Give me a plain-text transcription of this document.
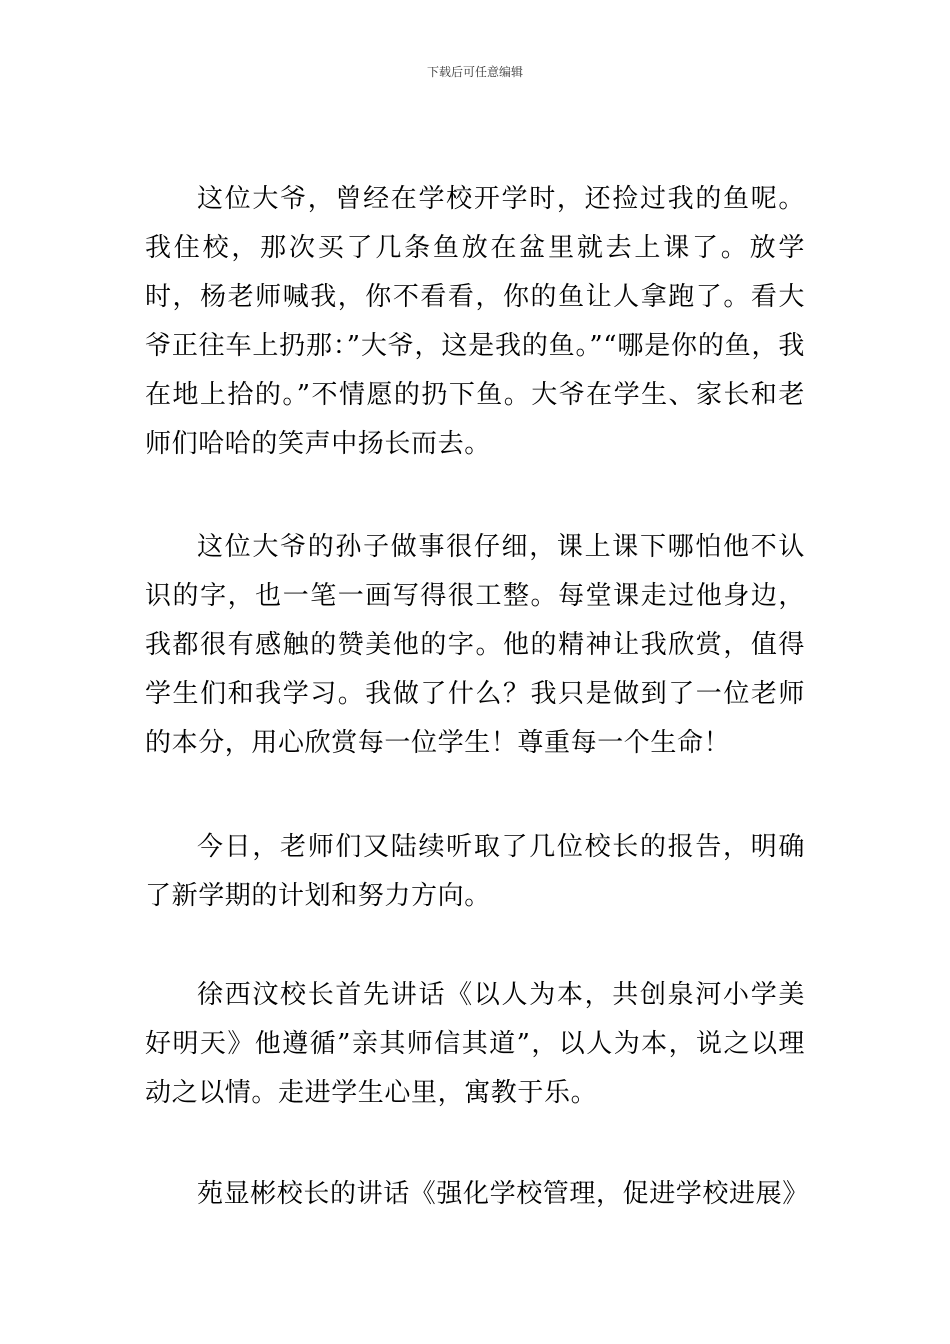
下载后可任意编辑

这位大爷，曾经在学校开学时，还捡过我的鱼呢。我住校，那次买了几条鱼放在盆里就去上课了。放学时，杨老师喊我，你不看看，你的鱼让人拿跑了。看大爷正往车上扔那：”大爷，这是我的鱼。”“哪是你的鱼，我在地上拾的。”不情愿的扔下鱼。大爷在学生、家长和老师们哈哈的笑声中扬长而去。

这位大爷的孙子做事很仔细，课上课下哪怕他不认识的字，也一笔一画写得很工整。每堂课走过他身边，我都很有感触的赞美他的字。他的精神让我欣赏，值得学生们和我学习。我做了什么？我只是做到了一位老师的本分，用心欣赏每一位学生！尊重每一个生命！

今日，老师们又陆续听取了几位校长的报告，明确了新学期的计划和努力方向。

徐西汶校长首先讲话《以人为本，共创泉河小学美好明天》他遵循”亲其师信其道”，以人为本，说之以理动之以情。走进学生心里，寓教于乐。

苑显彬校长的讲话《强化学校管理，促进学校进展》
